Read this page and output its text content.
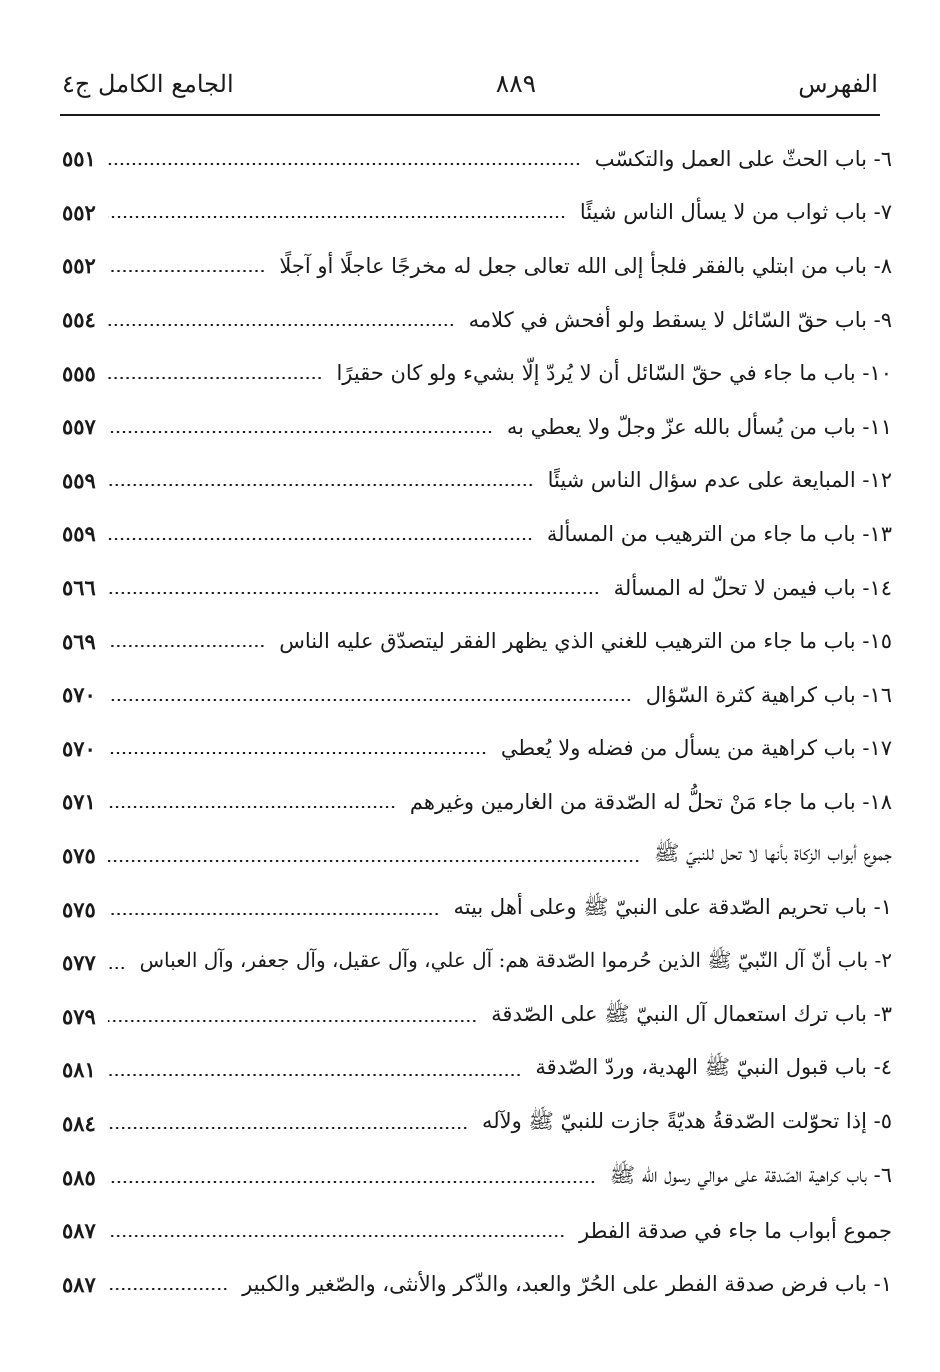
الجامع الكامل ج٤	٨٨٩	الفهرس
٦- باب الحثّ على العمل والتكسّب
٥٥١
٧- باب ثواب من لا يسأل الناس شيئًا
٥٥٢
٨- باب من ابتلي بالفقر فلجأ إلى الله تعالى جعل له مخرجًا عاجلًا أو آجلًا
٥٥٢
٩- باب حقّ السّائل لا يسقط ولو أفحش في كلامه
٥٥٤
١٠- باب ما جاء في حقّ السّائل أن لا يُردّ إلّا بشيء ولو كان حقيرًا
٥٥٥
١١- باب من يُسأل بالله عزّ وجلّ ولا يعطي به
٥٥٧
١٢- المبايعة على عدم سؤال الناس شيئًا
٥٥٩
١٣- باب ما جاء من الترهيب من المسألة
٥٥٩
١٤- باب فيمن لا تحلّ له المسألة
٥٦٦
١٥- باب ما جاء من الترهيب للغني الذي يظهر الفقر ليتصدّق عليه الناس
٥٦٩
١٦- باب كراهية كثرة السّؤال
٥٧٠
١٧- باب كراهية من يسأل من فضله ولا يُعطي
٥٧٠
١٨- باب ما جاء مَنْ تحلُّ له الصّدقة من الغارمين وغيرهم
٥٧١
جموع أبواب الزكاة بأنها لا تحل للنبيّ ﷺ
٥٧٥
١- باب تحريم الصّدقة على النبيّ ﷺ وعلى أهل بيته
٥٧٥
٢- باب أنّ آل النّبيّ ﷺ الذين حُرموا الصّدقة هم: آل علي، وآل عقيل، وآل جعفر، وآل العباس
٥٧٧
٣- باب ترك استعمال آل النبيّ ﷺ على الصّدقة
٥٧٩
٤- باب قبول النبيّ ﷺ الهدية، وردّ الصّدقة
٥٨١
٥- إذا تحوّلت الصّدقةُ هديّةً جازت للنبيّ ﷺ ولآله
٥٨٤
٦- باب كراهية الصّدقة على موالي رسول الله ﷺ
٥٨٥
جموع أبواب ما جاء في صدقة الفطر
٥٨٧
١- باب فرض صدقة الفطر على الحُرّ والعبد، والذّكر والأنثى، والصّغير والكبير
٥٨٧
